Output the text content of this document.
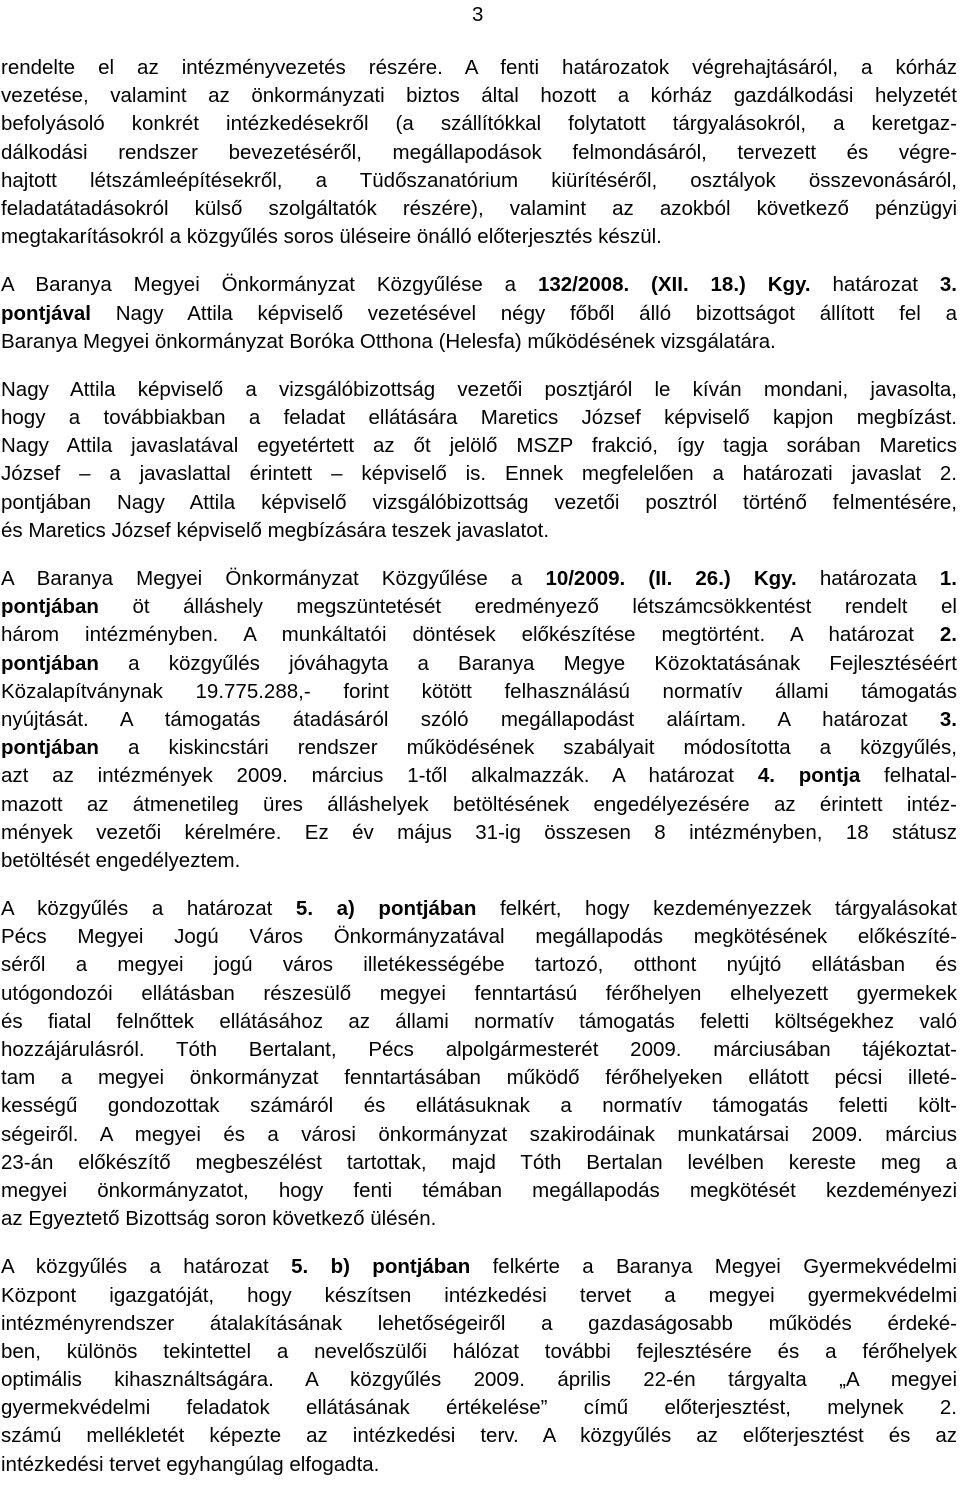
3
rendelte el az intézményvezetés részére. A fenti határozatok végrehajtásáról, a kórház
vezetése, valamint az önkormányzati biztos által hozott a kórház gazdálkodási helyzetét
befolyásoló konkrét intézkedésekről (a szállítókkal folytatott tárgyalásokról, a keretgaz-
dálkodási rendszer bevezetéséről, megállapodások felmondásáról, tervezett és végre-
hajtott létszámleépítésekről, a Tüdőszanatórium kiürítéséről, osztályok összevonásáról,
feladatátadásokról külső szolgáltatók részére), valamint az azokból következő pénzügyi
megtakarításokról a közgyűlés soros üléseire önálló előterjesztés készül.
A Baranya Megyei Önkormányzat Közgyűlése a 132/2008. (XII. 18.) Kgy. határozat 3.
pontjával Nagy Attila képviselő vezetésével négy főből álló bizottságot állított fel a
Baranya Megyei önkormányzat Boróka Otthona (Helesfa) működésének vizsgálatára.
Nagy Attila képviselő a vizsgálóbizottság vezetői posztjáról le kíván mondani, javasolta,
hogy a továbbiakban a feladat ellátására Maretics József képviselő kapjon megbízást.
Nagy Attila javaslatával egyetértett az őt jelölő MSZP frakció, így tagja sorában Maretics
József – a javaslattal érintett – képviselő is. Ennek megfelelően a határozati javaslat 2.
pontjában Nagy Attila képviselő vizsgálóbizottság vezetői posztról történő felmentésére,
és Maretics József képviselő megbízására teszek javaslatot.
A Baranya Megyei Önkormányzat Közgyűlése a 10/2009. (II. 26.) Kgy. határozata 1.
pontjában öt álláshely megszüntetését eredményező létszámcsökkentést rendelt el
három intézményben. A munkáltatói döntések előkészítése megtörtént. A határozat 2.
pontjában a közgyűlés jóváhagyta a Baranya Megye Közoktatásának Fejlesztéséért
Közalapítványnak 19.775.288,- forint kötött felhasználású normatív állami támogatás
nyújtását. A támogatás átadásáról szóló megállapodást aláírtam. A határozat 3.
pontjában a kiskincstári rendszer működésének szabályait módosította a közgyűlés,
azt az intézmények 2009. március 1-től alkalmazzák. A határozat 4. pontja felhatal-
mazott az átmenetileg üres álláshelyek betöltésének engedélyezésére az érintett intéz-
mények vezetői kérelmére. Ez év május 31-ig összesen 8 intézményben, 18 státusz
betöltését engedélyeztem.
A közgyűlés a határozat 5. a) pontjában felkért, hogy kezdeményezzek tárgyalásokat
Pécs Megyei Jogú Város Önkormányzatával megállapodás megkötésének előkészíté-
séről a megyei jogú város illetékességébe tartozó, otthont nyújtó ellátásban és
utógondozói ellátásban részesülő megyei fenntartású férőhelyen elhelyezett gyermekek
és fiatal felnőttek ellátásához az állami normatív támogatás feletti költségekhez való
hozzájárulásról. Tóth Bertalant, Pécs alpolgármesterét 2009. márciusában tájékoztat-
tam a megyei önkormányzat fenntartásában működő férőhelyeken ellátott pécsi illeté-
kességű gondozottak számáról és ellátásuknak a normatív támogatás feletti költ-
ségeiről. A megyei és a városi önkormányzat szakirodáinak munkatársai 2009. március
23-án előkészítő megbeszélést tartottak, majd Tóth Bertalan levélben kereste meg a
megyei önkormányzatot, hogy fenti témában megállapodás megkötését kezdeményezi
az Egyeztető Bizottság soron következő ülésén.
A közgyűlés a határozat 5. b) pontjában felkérte a Baranya Megyei Gyermekvédelmi
Központ igazgatóját, hogy készítsen intézkedési tervet a megyei gyermekvédelmi
intézményrendszer átalakításának lehetőségeiről a gazdaságosabb működés érdeké-
ben, különös tekintettel a nevelőszülői hálózat további fejlesztésére és a férőhelyek
optimális kihasználtságára. A közgyűlés 2009. április 22-én tárgyalta „A megyei
gyermekvédelmi feladatok ellátásának értékelése” című előterjesztést, melynek 2.
számú mellékletét képezte az intézkedési terv. A közgyűlés az előterjesztést és az
intézkedési tervet egyhangúlag elfogadta.
